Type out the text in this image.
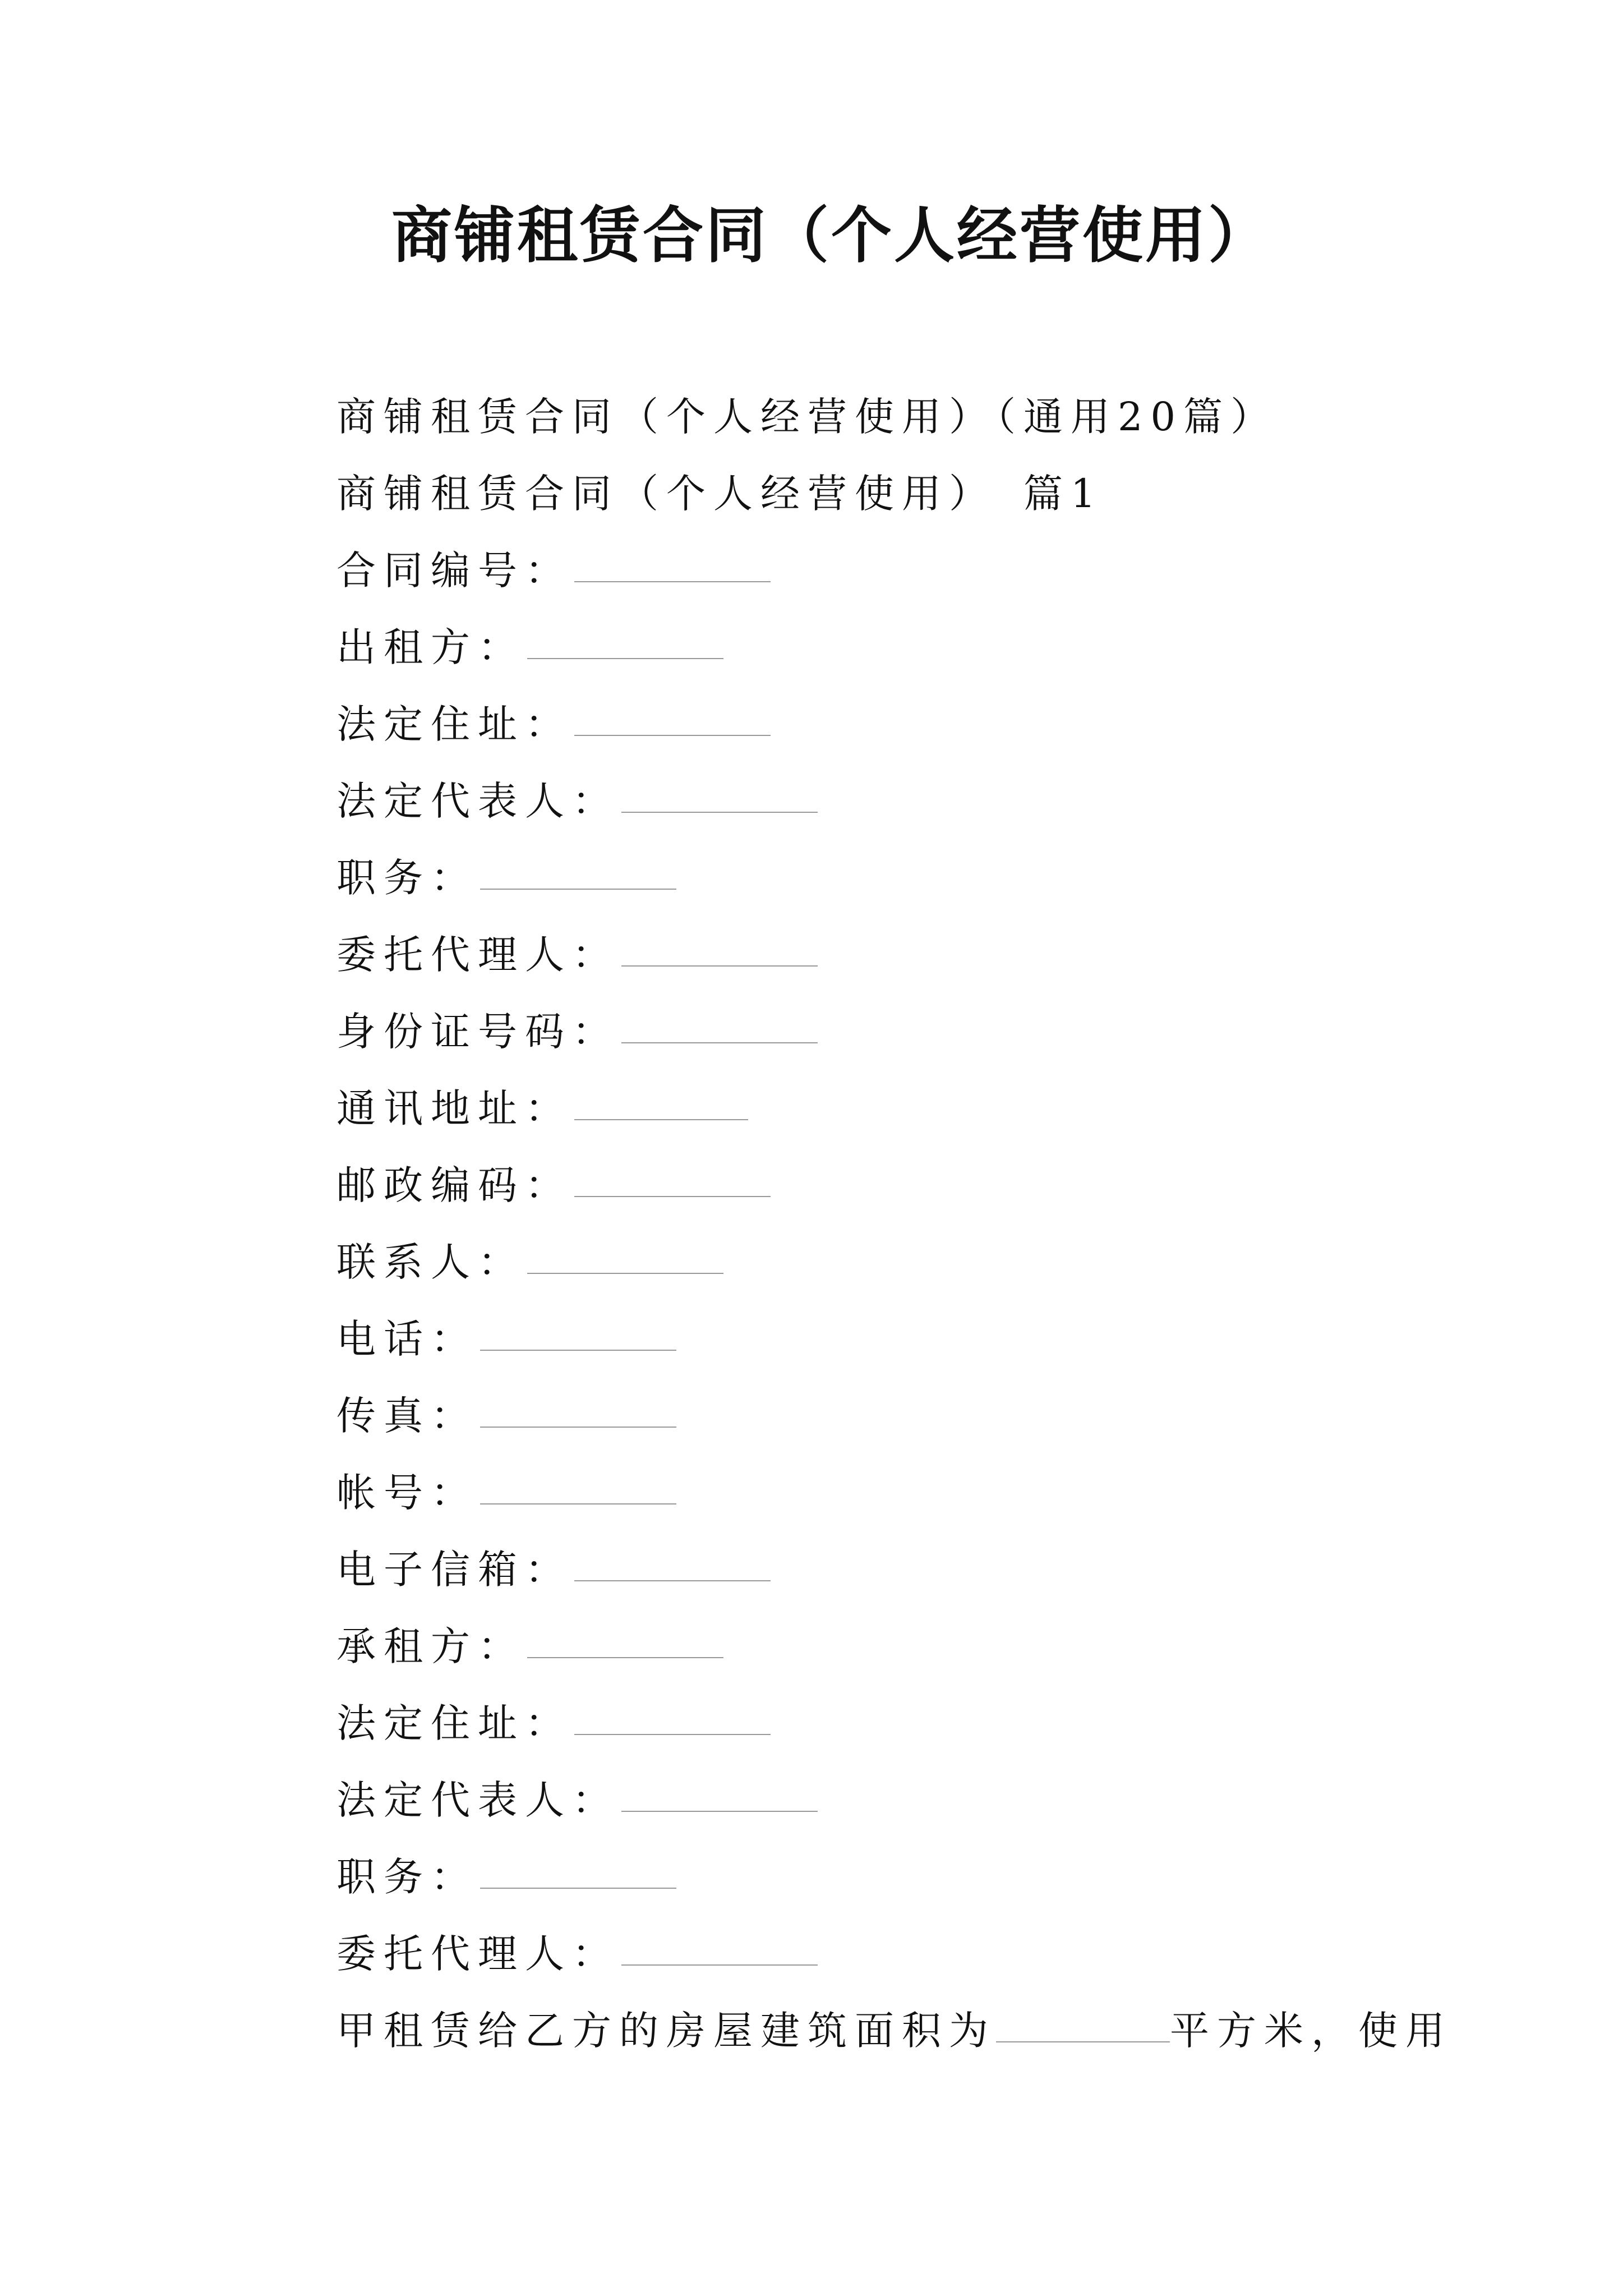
商铺租赁合同（个人经营使用）
商铺租赁合同（个人经营使用）（通用20篇）
商铺租赁合同（个人经营使用）　篇1
合同编号：
出租方：
法定住址：
法定代表人：
职务：
委托代理人：
身份证号码：
通讯地址：
邮政编码：
联系人：
电话：
传真：
帐号：
电子信箱：
承租方：
法定住址：
法定代表人：
职务：
委托代理人：
甲租赁给乙方的房屋建筑面积为	平方米，使用
